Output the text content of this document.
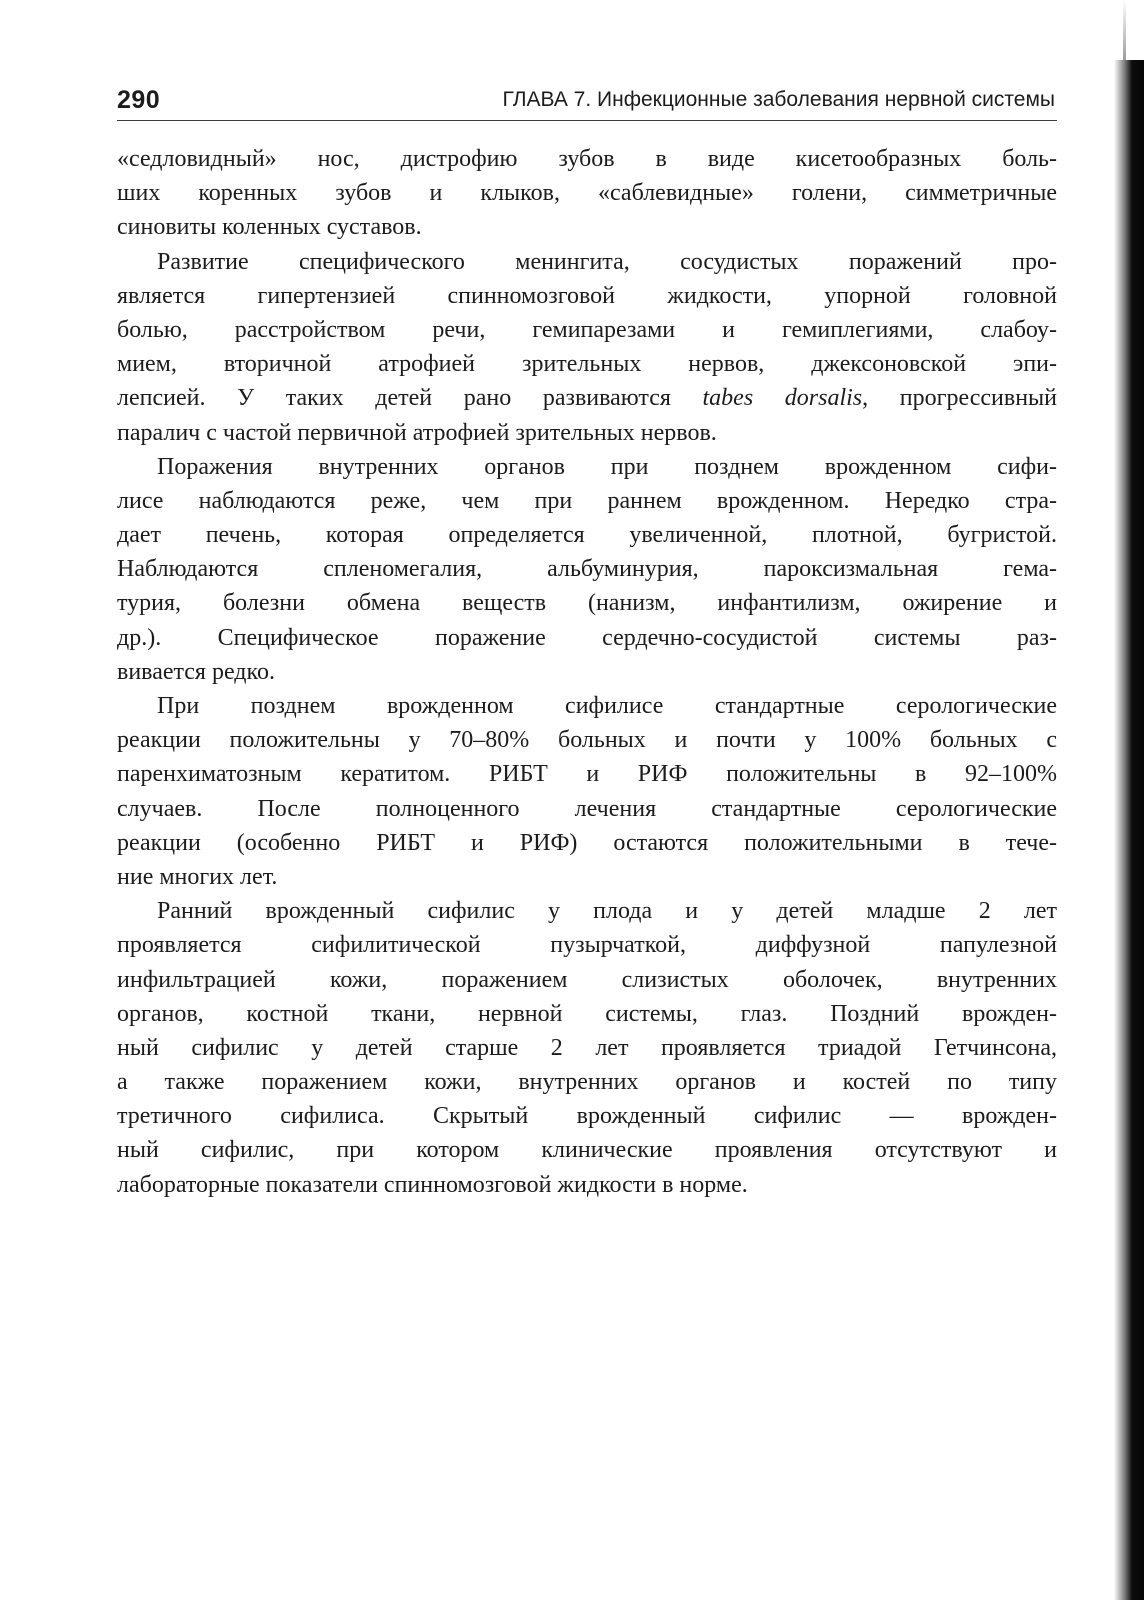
290	ГЛАВА 7. Инфекционные заболевания нервной системы
«седловидный» нос, дистрофию зубов в виде кисетообразных боль-
ших коренных зубов и клыков, «саблевидные» голени, симметричные
синовиты коленных суставов.
Развитие специфического менингита, сосудистых поражений про-
является гипертензией спинномозговой жидкости, упорной головной
болью, расстройством речи, гемипарезами и гемиплегиями, слабоу-
мием, вторичной атрофией зрительных нервов, джексоновской эпи-
лепсией. У таких детей рано развиваются tabes dorsalis, прогрессивный
паралич с частой первичной атрофией зрительных нервов.
Поражения внутренних органов при позднем врожденном сифи-
лисе наблюдаются реже, чем при раннем врожденном. Нередко стра-
дает печень, которая определяется увеличенной, плотной, бугристой.
Наблюдаются спленомегалия, альбуминурия, пароксизмальная гема-
турия, болезни обмена веществ (нанизм, инфантилизм, ожирение и
др.). Специфическое поражение сердечно-сосудистой системы раз-
вивается редко.
При позднем врожденном сифилисе стандартные серологические
реакции положительны у 70–80% больных и почти у 100% больных с
паренхиматозным кератитом. РИБТ и РИФ положительны в 92–100%
случаев. После полноценного лечения стандартные серологические
реакции (особенно РИБТ и РИФ) остаются положительными в тече-
ние многих лет.
Ранний врожденный сифилис у плода и у детей младше 2 лет
проявляется сифилитической пузырчаткой, диффузной папулезной
инфильтрацией кожи, поражением слизистых оболочек, внутренних
органов, костной ткани, нервной системы, глаз. Поздний врожден-
ный сифилис у детей старше 2 лет проявляется триадой Гетчинсона,
а также поражением кожи, внутренних органов и костей по типу
третичного сифилиса. Скрытый врожденный сифилис — врожден-
ный сифилис, при котором клинические проявления отсутствуют и
лабораторные показатели спинномозговой жидкости в норме.
